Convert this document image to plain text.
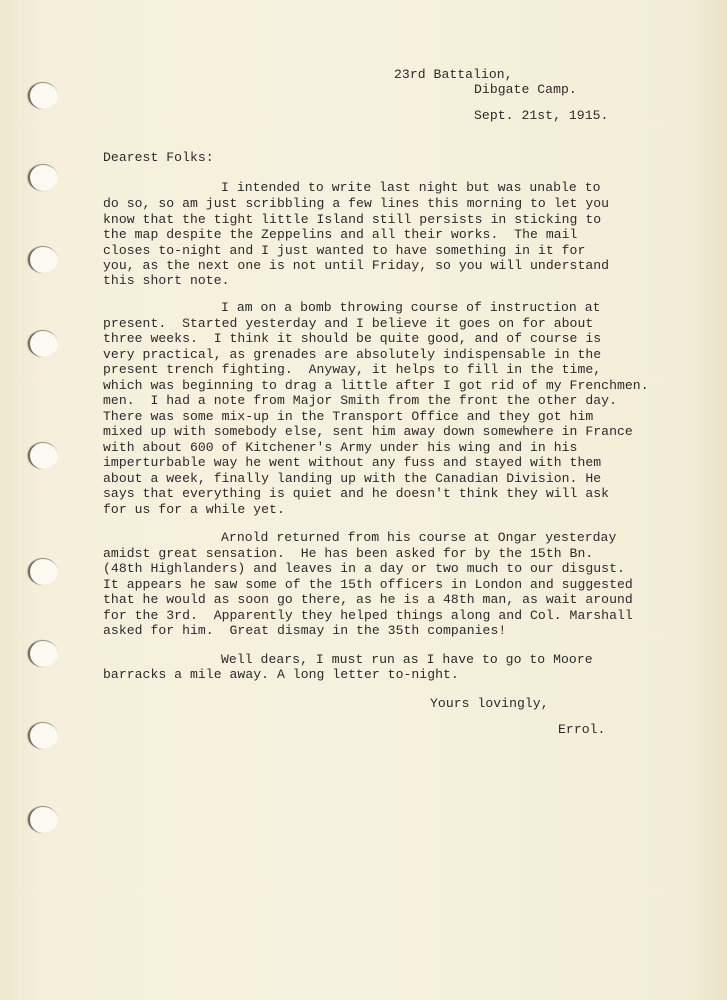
23rd Battalion,

Dibgate Camp.

Sept. 21st, 1915.

Dearest Folks:

I intended to write last night but was unable to

do so, so am just scribbling a few lines this morning to let you

know that the tight little Island still persists in sticking to

the map despite the Zeppelins and all their works.  The mail

closes to-night and I just wanted to have something in it for

you, as the next one is not until Friday, so you will understand

this short note.

I am on a bomb throwing course of instruction at

present.  Started yesterday and I believe it goes on for about

three weeks.  I think it should be quite good, and of course is

very practical, as grenades are absolutely indispensable in the

present trench fighting.  Anyway, it helps to fill in the time,

which was beginning to drag a little after I got rid of my Frenchmen.

men.  I had a note from Major Smith from the front the other day.

There was some mix-up in the Transport Office and they got him

mixed up with somebody else, sent him away down somewhere in France

with about 600 of Kitchener's Army under his wing and in his

imperturbable way he went without any fuss and stayed with them

about a week, finally landing up with the Canadian Division. He

says that everything is quiet and he doesn't think they will ask

for us for a while yet.

Arnold returned from his course at Ongar yesterday

amidst great sensation.  He has been asked for by the 15th Bn.

(48th Highlanders) and leaves in a day or two much to our disgust.

It appears he saw some of the 15th officers in London and suggested

that he would as soon go there, as he is a 48th man, as wait around

for the 3rd.  Apparently they helped things along and Col. Marshall

asked for him.  Great dismay in the 35th companies!

Well dears, I must run as I have to go to Moore

barracks a mile away. A long letter to-night.

Yours lovingly,

Errol.
